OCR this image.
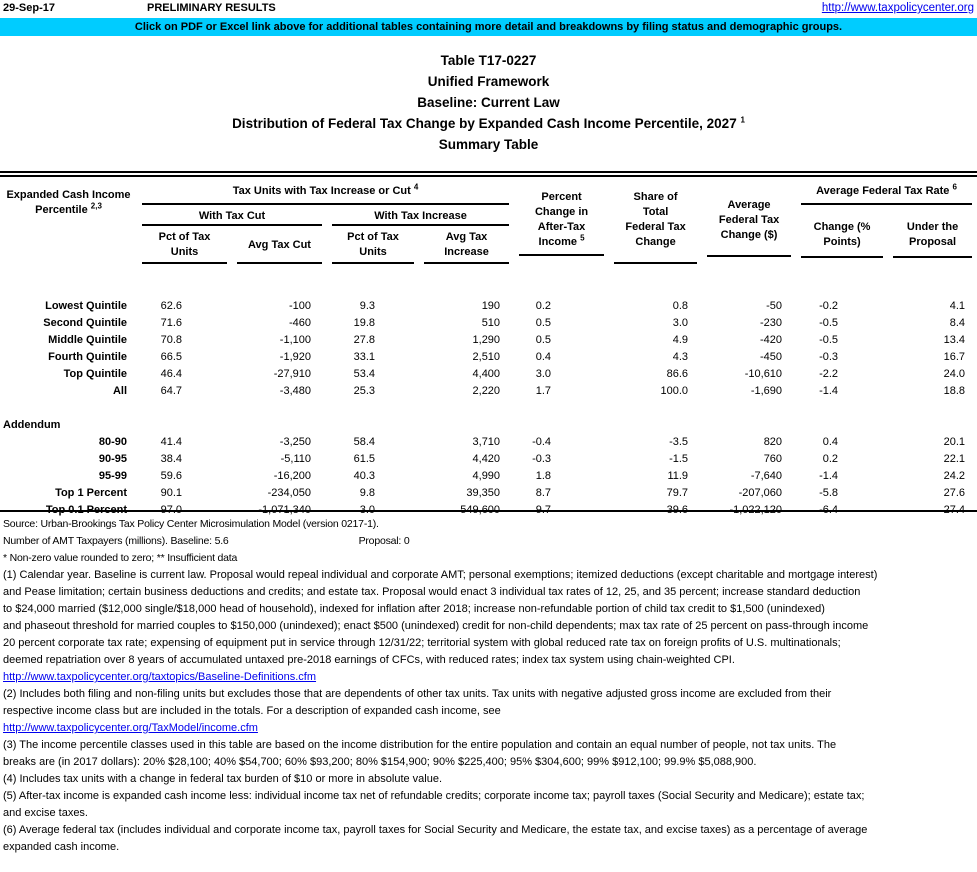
29-Sep-17	PRELIMINARY RESULTS	http://www.taxpolicycenter.org
Click on PDF or Excel link above for additional tables containing more detail and breakdowns by filing status and demographic groups.
Table T17-0227
Unified Framework
Baseline: Current Law
Distribution of Federal Tax Change by Expanded Cash Income Percentile, 2027 $^1$
Summary Table
Expanded Cash Income Percentile $^{2,3}$	Tax Units with Tax Increase or Cut $^4$				Percent Change in After-Tax Income $^5$	Share of Total Federal Tax Change	Average Federal Tax Change ($)	Average Federal Tax Rate $^6$

	With Tax Cut		With Tax Increase					Change (% Points)	Under the Proposal

	Pct of Tax Units	Avg Tax Cut	Pct of Tax Units	Avg Tax Increase					

Lowest Quintile	62.6	-100	9.3	190	0.2	0.8	-50	-0.2	4.1
Second Quintile	71.6	-460	19.8	510	0.5	3.0	-230	-0.5	8.4
Middle Quintile	70.8	-1,100	27.8	1,290	0.5	4.9	-420	-0.5	13.4
Fourth Quintile	66.5	-1,920	33.1	2,510	0.4	4.3	-450	-0.3	16.7
Top Quintile	46.4	-27,910	53.4	4,400	3.0	86.6	-10,610	-2.2	24.0
All	64.7	-3,480	25.3	2,220	1.7	100.0	-1,690	-1.4	18.8

Addendum									
80-90	41.4	-3,250	58.4	3,710	-0.4	-3.5	820	0.4	20.1
90-95	38.4	-5,110	61.5	4,420	-0.3	-1.5	760	0.2	22.1
95-99	59.6	-16,200	40.3	4,990	1.8	11.9	-7,640	-1.4	24.2
Top 1 Percent	90.1	-234,050	9.8	39,350	8.7	79.7	-207,060	-5.8	27.6
Top 0.1 Percent	97.0	-1,071,340	3.0	549,600	9.7	39.6	-1,022,120	-6.4	27.4
Source: Urban-Brookings Tax Policy Center Microsimulation Model (version 0217-1).
Number of AMT Taxpayers (millions). Baseline: 5.6	Proposal: 0
* Non-zero value rounded to zero; ** Insufficient data
(1) Calendar year. Baseline is current law. Proposal would repeal individual and corporate AMT; personal exemptions; itemized deductions (except charitable and mortgage interest)
and Pease limitation; certain business deductions and credits; and estate tax. Proposal would enact 3 individual tax rates of 12, 25, and 35 percent; increase standard deduction
to $24,000 married ($12,000 single/$18,000 head of household), indexed for inflation after 2018; increase non-refundable portion of child tax credit to $1,500 (unindexed)
and phaseout threshold for married couples to $150,000 (unindexed); enact $500 (unindexed) credit for non-child dependents; max tax rate of 25 percent on pass-through income
20 percent corporate tax rate; expensing of equipment put in service through 12/31/22; territorial system with global reduced rate tax on foreign profits of U.S. multinationals;
deemed repatriation over 8 years of accumulated untaxed pre-2018 earnings of CFCs, with reduced rates; index tax system using chain-weighted CPI.
http://www.taxpolicycenter.org/taxtopics/Baseline-Definitions.cfm
(2) Includes both filing and non-filing units but excludes those that are dependents of other tax units. Tax units with negative adjusted gross income are excluded from their
respective income class but are included in the totals. For a description of expanded cash income, see
http://www.taxpolicycenter.org/TaxModel/income.cfm
(3) The income percentile classes used in this table are based on the income distribution for the entire population and contain an equal number of people, not tax units. The
breaks are (in 2017 dollars): 20% $28,100; 40% $54,700; 60% $93,200; 80% $154,900; 90% $225,400; 95% $304,600; 99% $912,100; 99.9% $5,088,900.
(4) Includes tax units with a change in federal tax burden of $10 or more in absolute value.
(5) After-tax income is expanded cash income less: individual income tax net of refundable credits; corporate income tax; payroll taxes (Social Security and Medicare); estate tax;
and excise taxes.
(6) Average federal tax (includes individual and corporate income tax, payroll taxes for Social Security and Medicare, the estate tax, and excise taxes) as a percentage of average
expanded cash income.
